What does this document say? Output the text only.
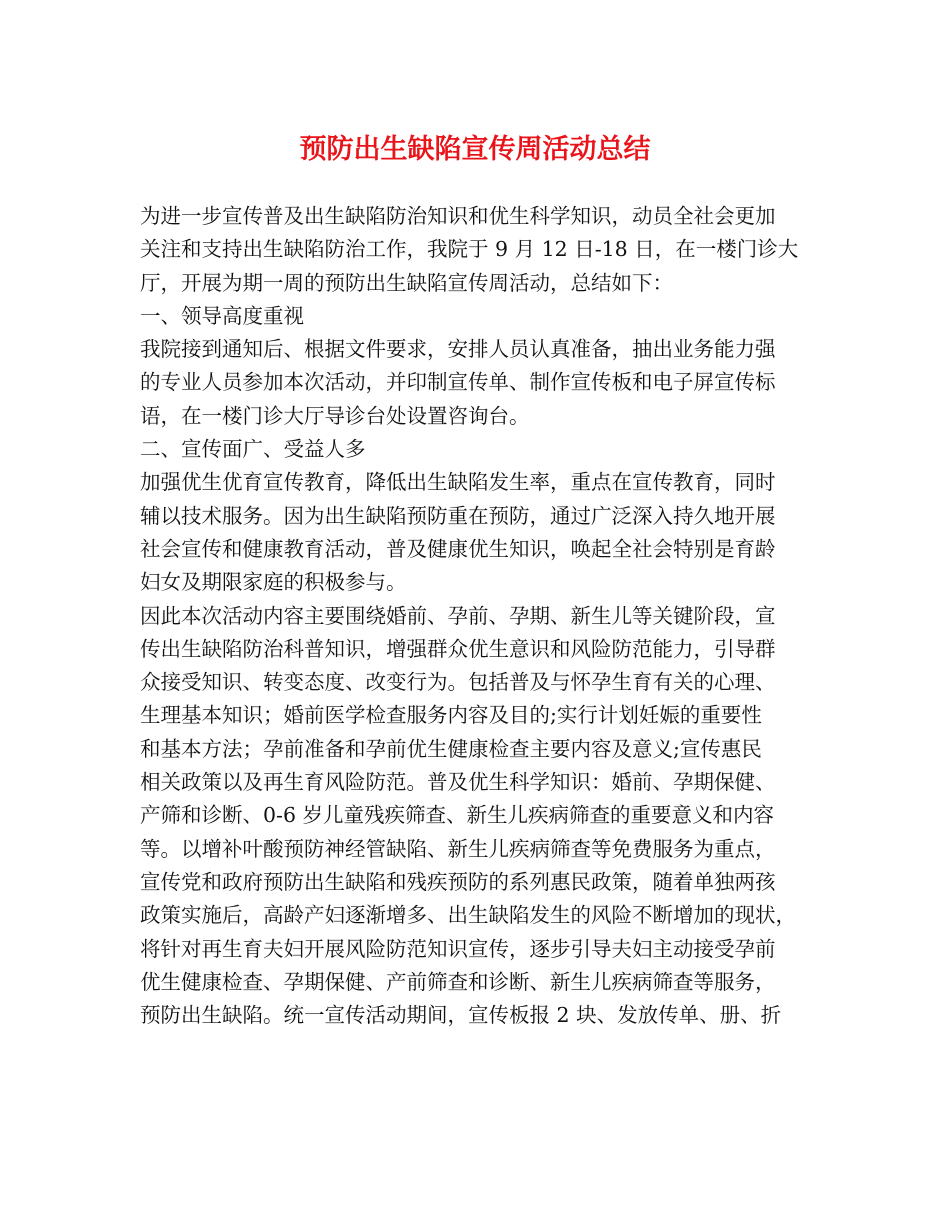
预防出生缺陷宣传周活动总结
为进一步宣传普及出生缺陷防治知识和优生科学知识，动员全社会更加
关注和支持出生缺陷防治工作，我院于 9 月 12 日-18 日，在一楼门诊大
厅，开展为期一周的预防出生缺陷宣传周活动，总结如下：
一、领导高度重视
我院接到通知后、根据文件要求，安排人员认真准备，抽出业务能力强
的专业人员参加本次活动，并印制宣传单、制作宣传板和电子屏宣传标
语，在一楼门诊大厅导诊台处设置咨询台。
二、宣传面广、受益人多
加强优生优育宣传教育，降低出生缺陷发生率，重点在宣传教育，同时
辅以技术服务。因为出生缺陷预防重在预防，通过广泛深入持久地开展
社会宣传和健康教育活动，普及健康优生知识，唤起全社会特别是育龄
妇女及期限家庭的积极参与。
因此本次活动内容主要围绕婚前、孕前、孕期、新生儿等关键阶段，宣
传出生缺陷防治科普知识，增强群众优生意识和风险防范能力，引导群
众接受知识、转变态度、改变行为。包括普及与怀孕生育有关的心理、
生理基本知识；婚前医学检查服务内容及目的;实行计划妊娠的重要性
和基本方法；孕前准备和孕前优生健康检查主要内容及意义;宣传惠民
相关政策以及再生育风险防范。普及优生科学知识：婚前、孕期保健、
产筛和诊断、0-6 岁儿童残疾筛查、新生儿疾病筛查的重要意义和内容
等。以增补叶酸预防神经管缺陷、新生儿疾病筛查等免费服务为重点，
宣传党和政府预防出生缺陷和残疾预防的系列惠民政策，随着单独两孩
政策实施后，高龄产妇逐渐增多、出生缺陷发生的风险不断增加的现状，
将针对再生育夫妇开展风险防范知识宣传，逐步引导夫妇主动接受孕前
优生健康检查、孕期保健、产前筛查和诊断、新生儿疾病筛查等服务，
预防出生缺陷。统一宣传活动期间，宣传板报 2 块、发放传单、册、折
